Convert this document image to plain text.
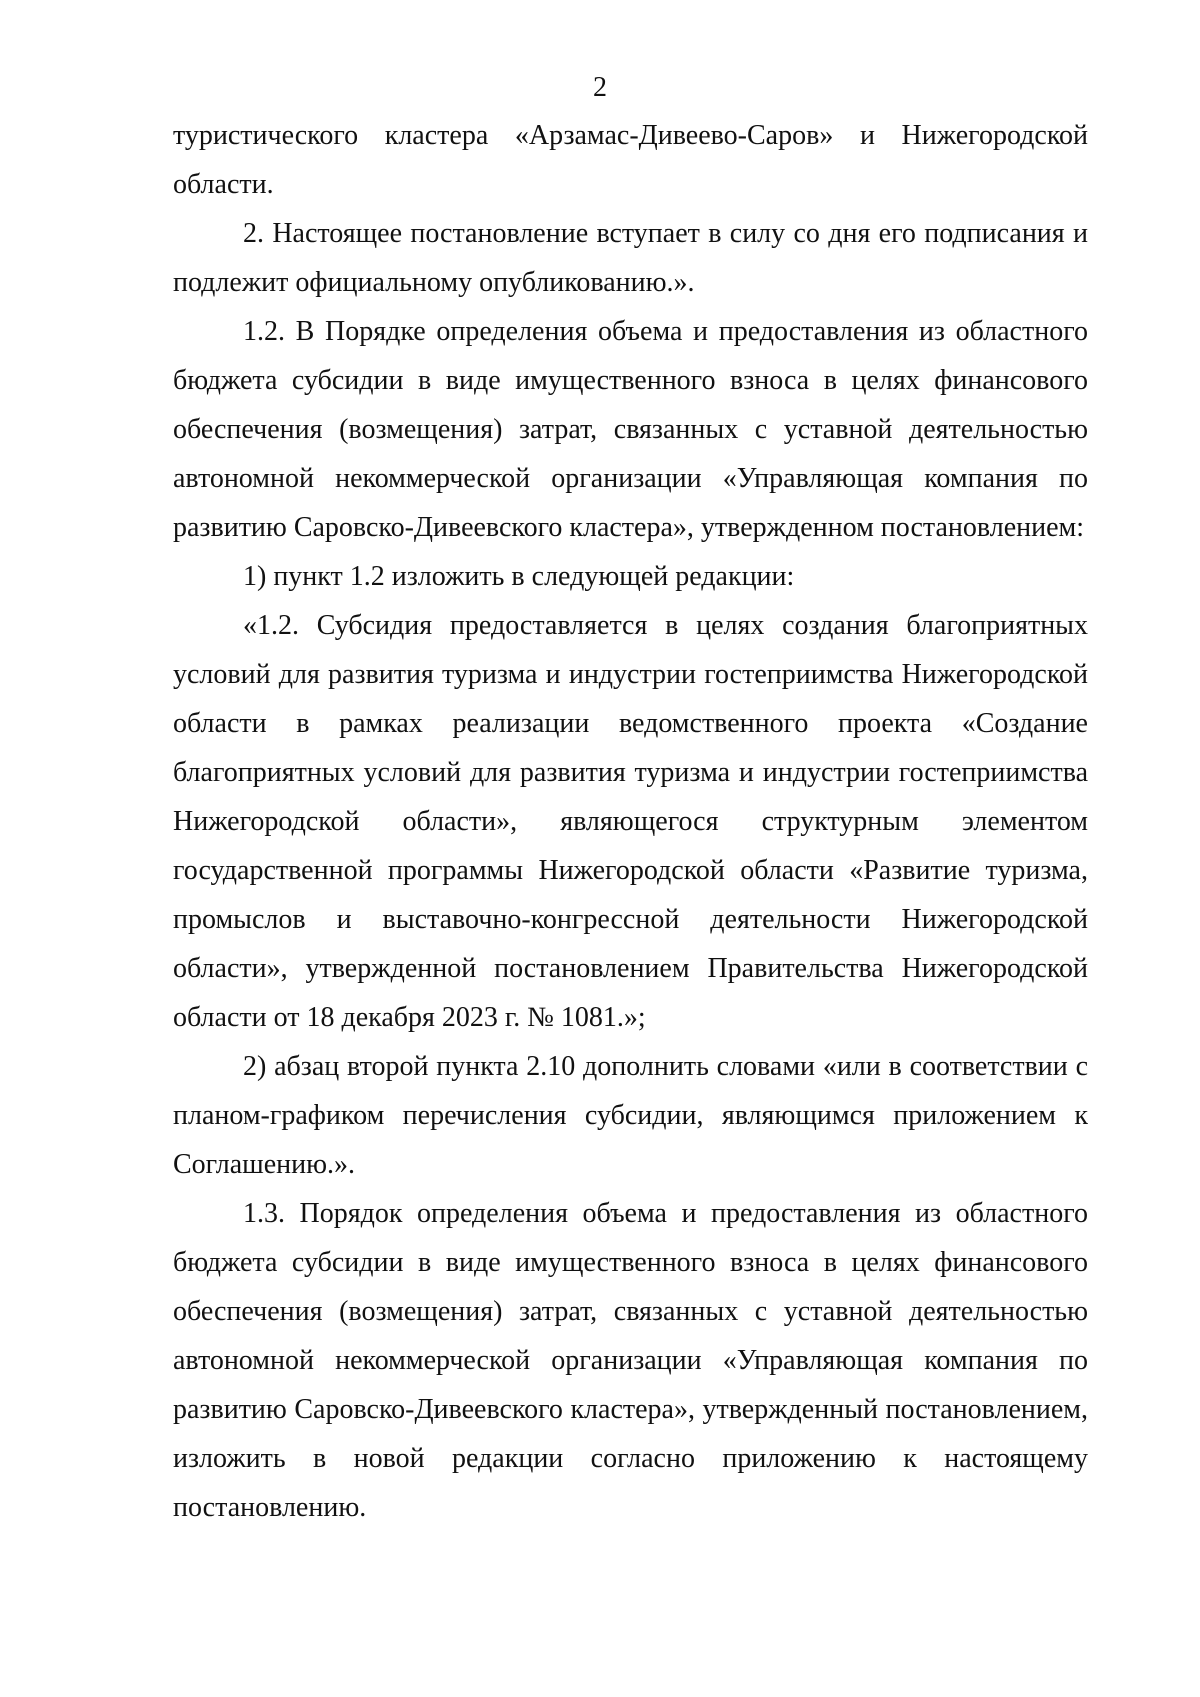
2

туристического кластера «Арзамас-Дивеево-Саров» и Нижегородской области.

2. Настоящее постановление вступает в силу со дня его подписания и подлежит официальному опубликованию.».

1.2. В Порядке определения объема и предоставления из областного бюджета субсидии в виде имущественного взноса в целях финансового обеспечения (возмещения) затрат, связанных с уставной деятельностью автономной некоммерческой организации «Управляющая компания по развитию Саровско-Дивеевского кластера», утвержденном постановлением:

1) пункт 1.2 изложить в следующей редакции:

«1.2. Субсидия предоставляется в целях создания благоприятных условий для развития туризма и индустрии гостеприимства Нижегородской области в рамках реализации ведомственного проекта «Создание благоприятных условий для развития туризма и индустрии гостеприимства Нижегородской области», являющегося структурным элементом государственной программы Нижегородской области «Развитие туризма, промыслов и выставочно-конгрессной деятельности Нижегородской области», утвержденной постановлением Правительства Нижегородской области от 18 декабря 2023 г. № 1081.»;

2) абзац второй пункта 2.10 дополнить словами «или в соответствии с планом-графиком перечисления субсидии, являющимся приложением к Соглашению.».

1.3. Порядок определения объема и предоставления из областного бюджета субсидии в виде имущественного взноса в целях финансового обеспечения (возмещения) затрат, связанных с уставной деятельностью автономной некоммерческой организации «Управляющая компания по развитию Саровско-Дивеевского кластера», утвержденный постановлением, изложить в новой редакции согласно приложению к настоящему постановлению.
